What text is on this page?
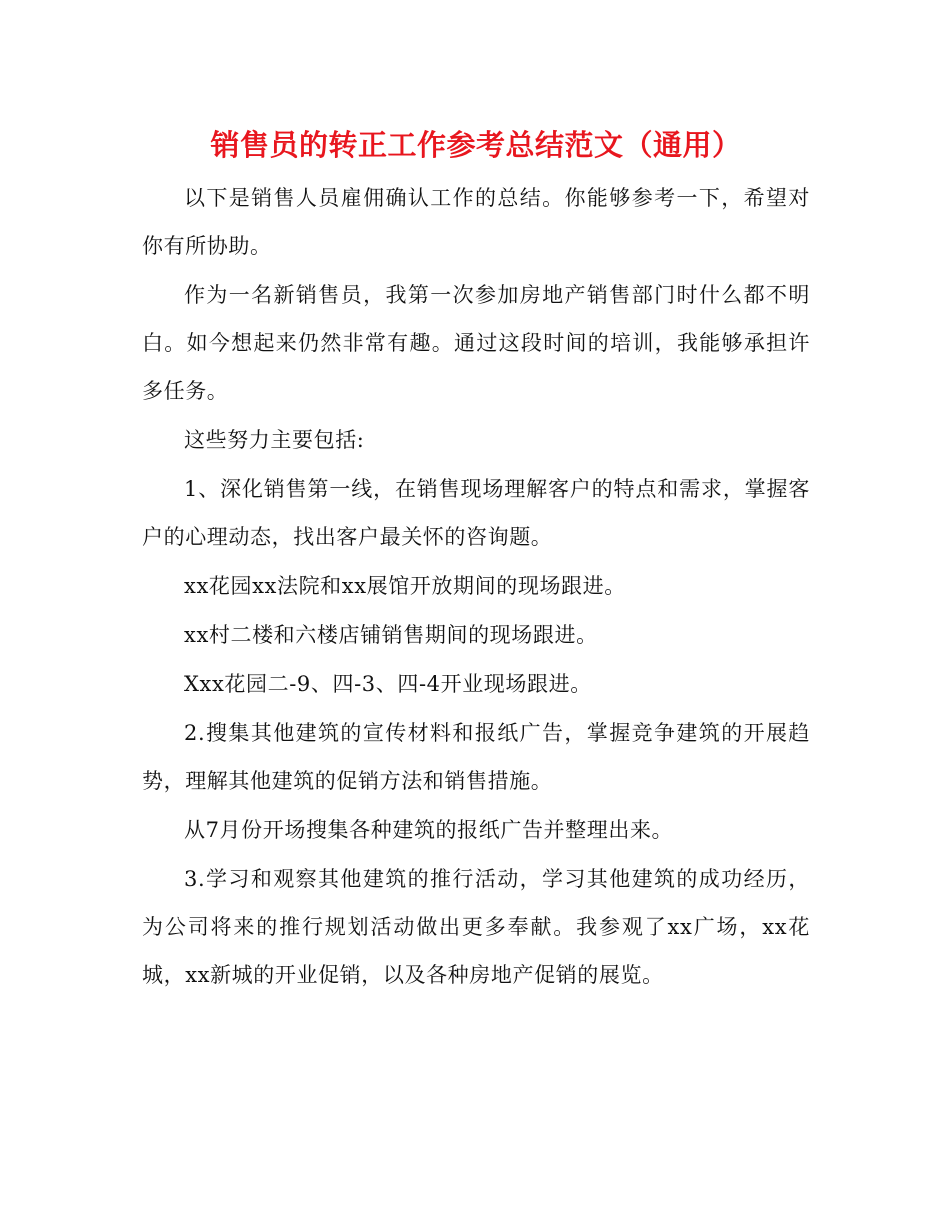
销售员的转正工作参考总结范文（通用）

以下是销售人员雇佣确认工作的总结。你能够参考一下，希望对你有所协助。

作为一名新销售员，我第一次参加房地产销售部门时什么都不明白。如今想起来仍然非常有趣。通过这段时间的培训，我能够承担许多任务。

这些努力主要包括:

1、深化销售第一线，在销售现场理解客户的特点和需求，掌握客户的心理动态，找出客户最关怀的咨询题。

xx花园xx法院和xx展馆开放期间的现场跟进。

xx村二楼和六楼店铺销售期间的现场跟进。

Xxx花园二-9、四-3、四-4开业现场跟进。

2.搜集其他建筑的宣传材料和报纸广告，掌握竞争建筑的开展趋势，理解其他建筑的促销方法和销售措施。

从7月份开场搜集各种建筑的报纸广告并整理出来。

3.学习和观察其他建筑的推行活动，学习其他建筑的成功经历，为公司将来的推行规划活动做出更多奉献。我参观了xx广场，xx花城，xx新城的开业促销，以及各种房地产促销的展览。
